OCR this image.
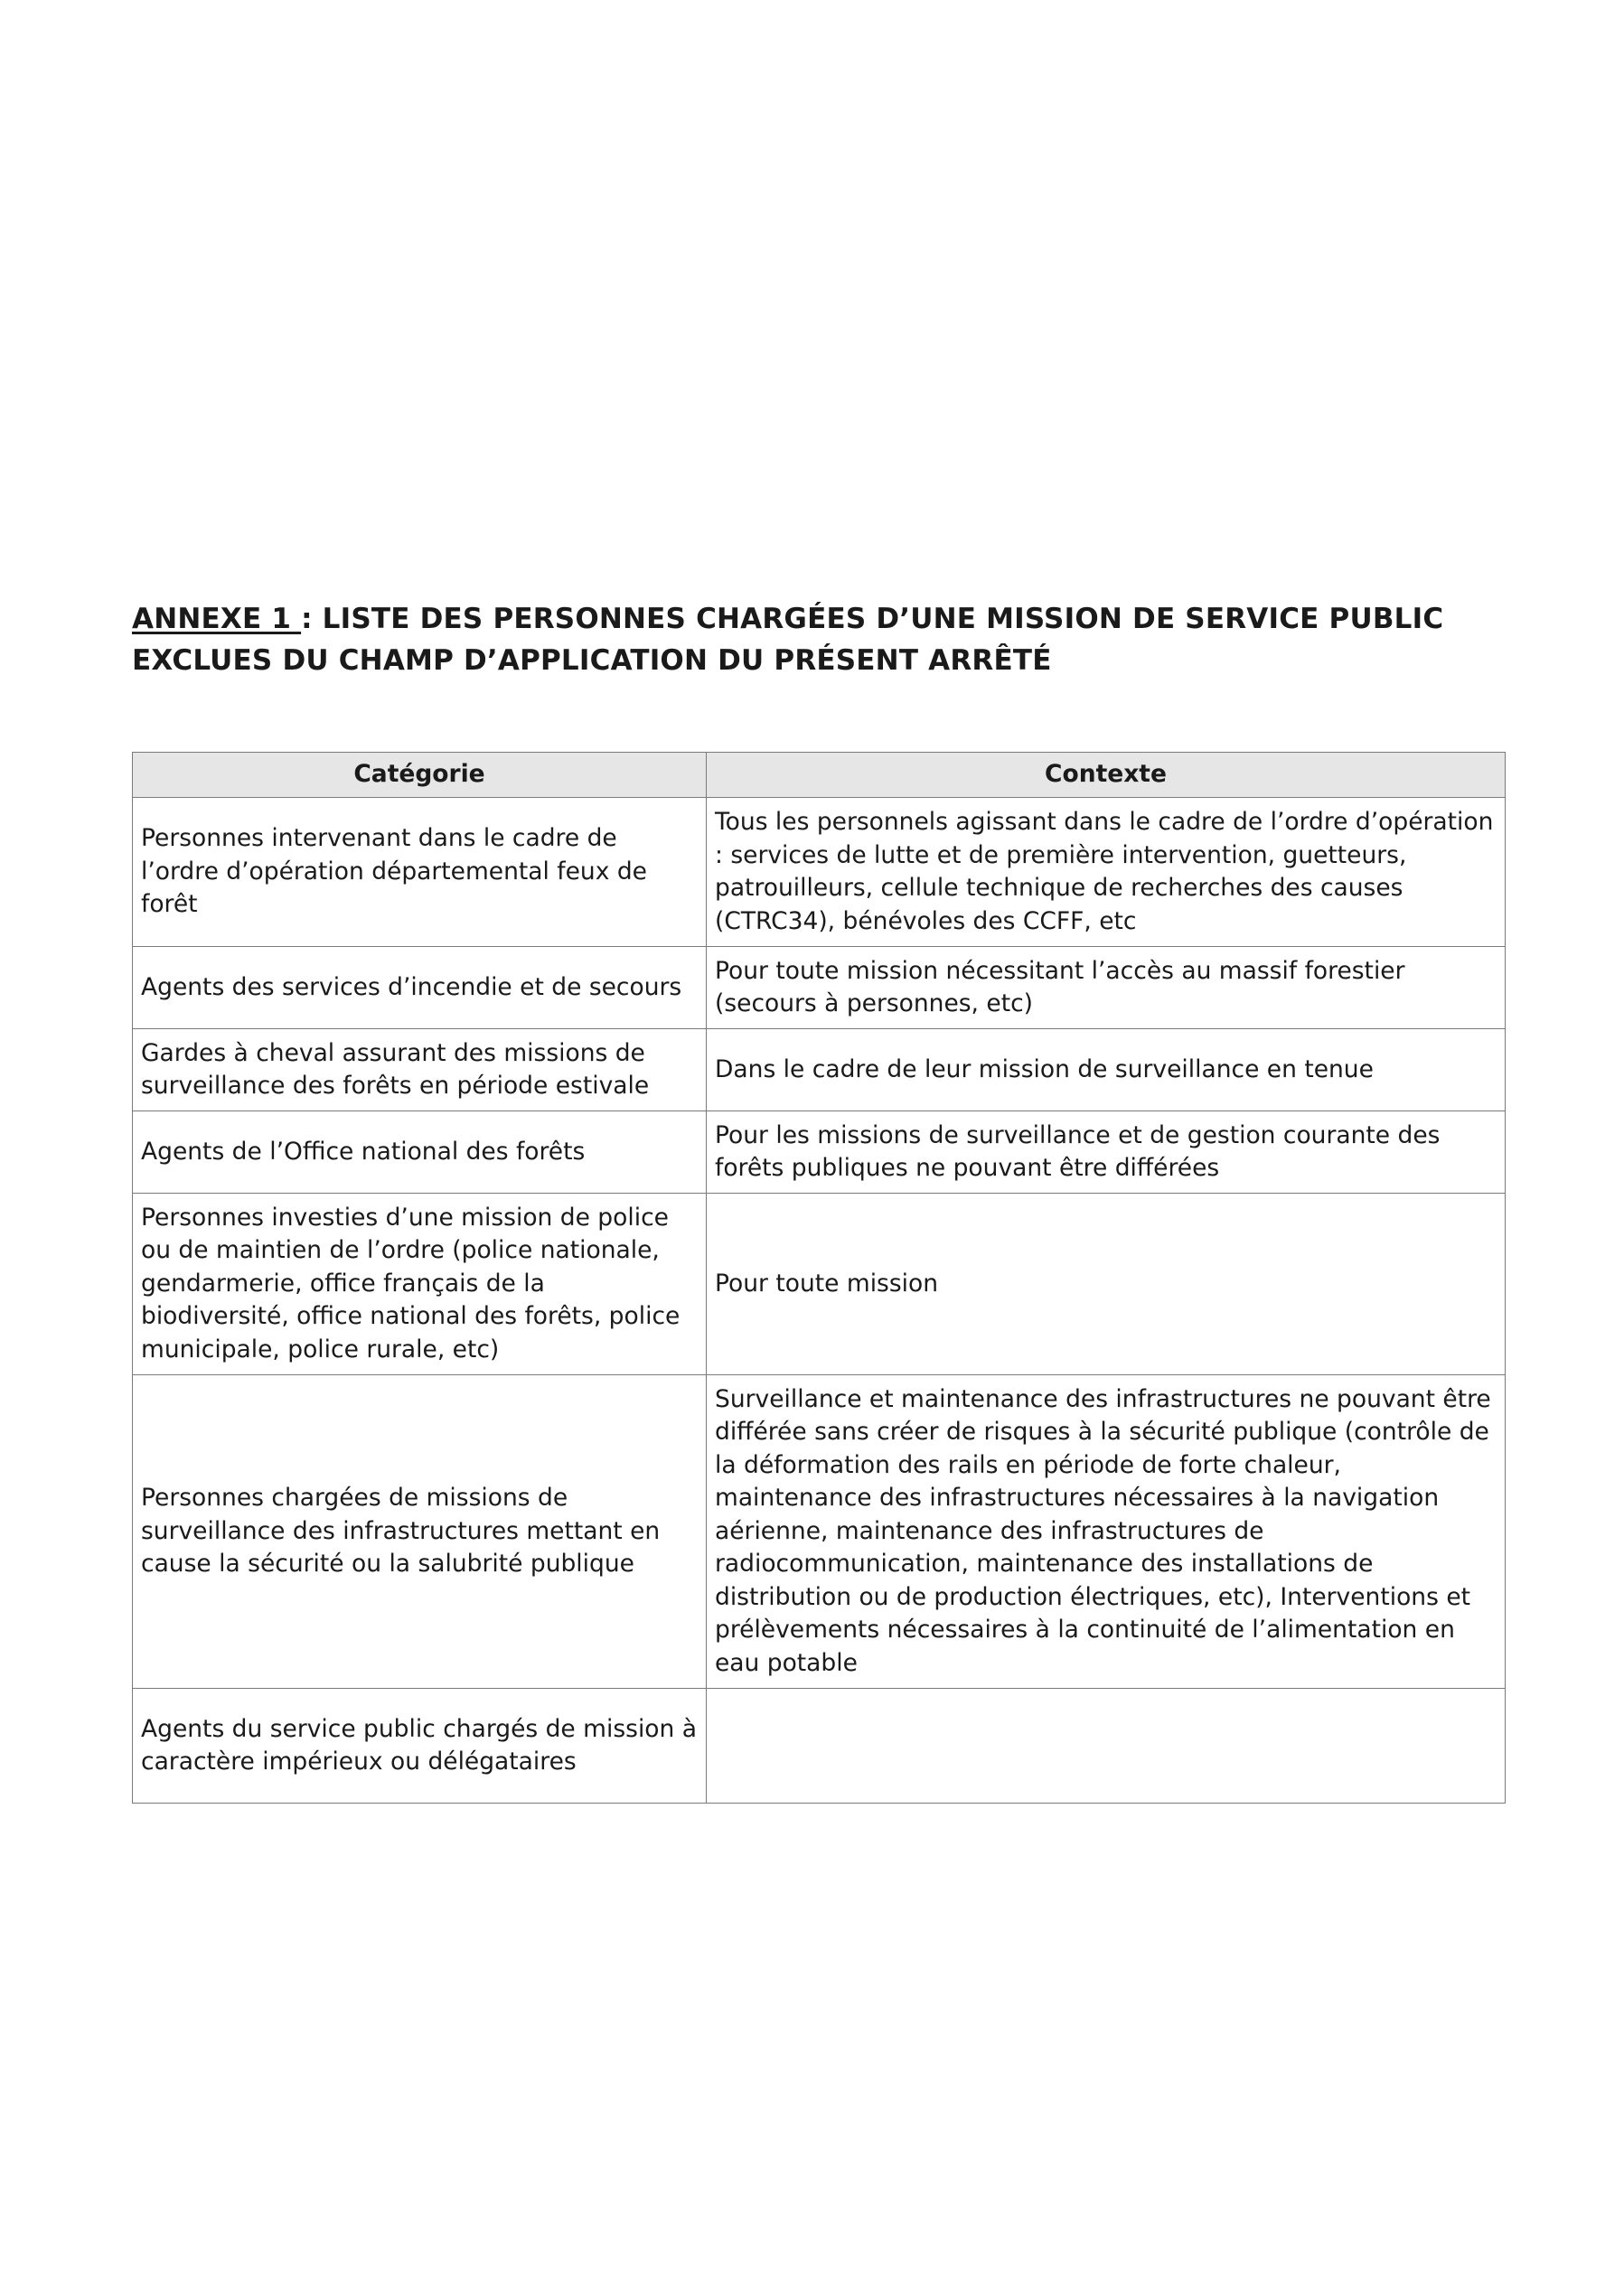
ANNEXE 1 : LISTE DES PERSONNES CHARGÉES D’UNE MISSION DE SERVICE PUBLIC
EXCLUES DU CHAMP D’APPLICATION DU PRÉSENT ARRÊTÉ
Catégorie	Contexte
Personnes intervenant dans le cadre de l’ordre d’opération départemental feux de forêt	Tous les personnels agissant dans le cadre de l’ordre d’opération : services de lutte et de première intervention, guetteurs, patrouilleurs, cellule technique de recherches des causes (CTRC34), bénévoles des CCFF, etc
Agents des services d’incendie et de secours	Pour toute mission nécessitant l’accès au massif forestier (secours à personnes, etc)
Gardes à cheval assurant des missions de surveillance des forêts en période estivale	Dans le cadre de leur mission de surveillance en tenue
Agents de l’Office national des forêts	Pour les missions de surveillance et de gestion courante des forêts publiques ne pouvant être différées
Personnes investies d’une mission de police ou de maintien de l’ordre (police nationale, gendarmerie, office français de la biodiversité, office national des forêts, police municipale, police rurale, etc)	Pour toute mission
Personnes chargées de missions de surveillance des infrastructures mettant en cause la sécurité ou la salubrité publique	Surveillance et maintenance des infrastructures ne pouvant être différée sans créer de risques à la sécurité publique (contrôle de la déformation des rails en période de forte chaleur, maintenance des infrastructures nécessaires à la navigation aérienne, maintenance des infrastructures de radiocommunication, maintenance des installations de distribution ou de production électriques, etc), Interventions et prélèvements nécessaires à la continuité de l’alimentation en eau potable
Agents du service public chargés de mission à caractère impérieux ou délégataires	
